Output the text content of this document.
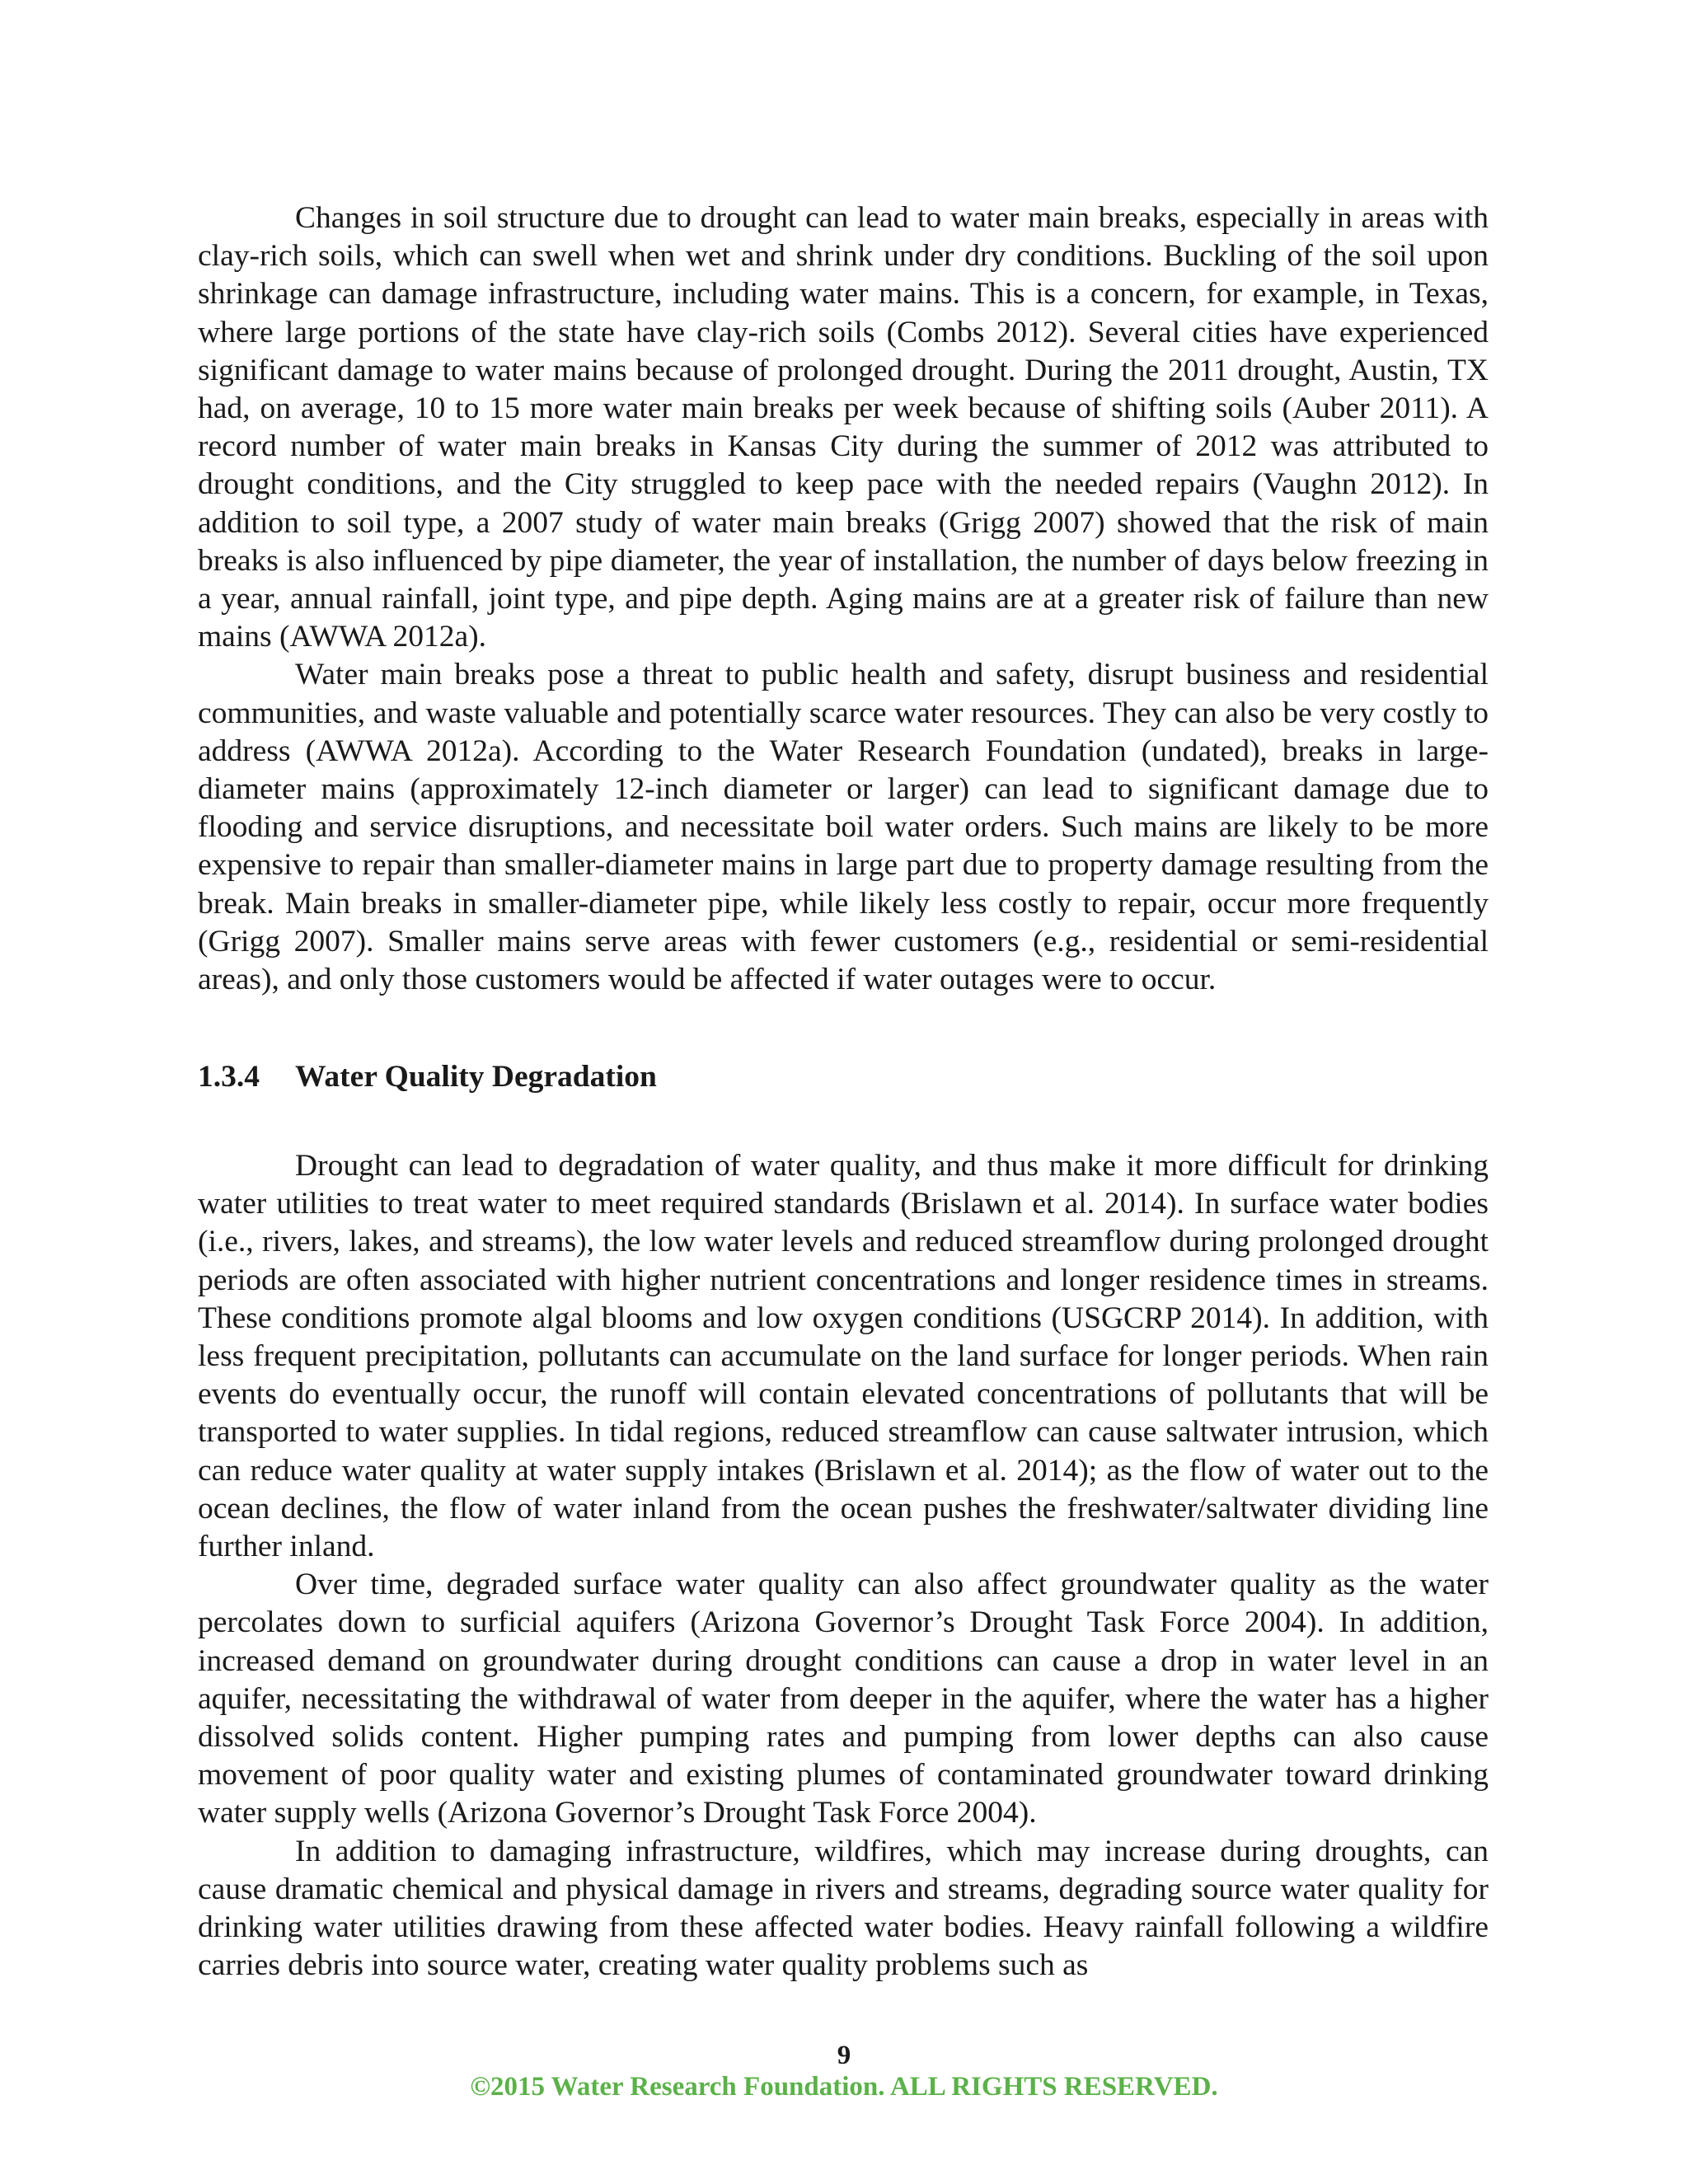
Changes in soil structure due to drought can lead to water main breaks, especially in areas with clay-rich soils, which can swell when wet and shrink under dry conditions. Buckling of the soil upon shrinkage can damage infrastructure, including water mains. This is a concern, for example, in Texas, where large portions of the state have clay-rich soils (Combs 2012). Several cities have experienced significant damage to water mains because of prolonged drought. During the 2011 drought, Austin, TX had, on average, 10 to 15 more water main breaks per week because of shifting soils (Auber 2011). A record number of water main breaks in Kansas City during the summer of 2012 was attributed to drought conditions, and the City struggled to keep pace with the needed repairs (Vaughn 2012). In addition to soil type, a 2007 study of water main breaks (Grigg 2007) showed that the risk of main breaks is also influenced by pipe diameter, the year of installation, the number of days below freezing in a year, annual rainfall, joint type, and pipe depth. Aging mains are at a greater risk of failure than new mains (AWWA 2012a).

Water main breaks pose a threat to public health and safety, disrupt business and residential communities, and waste valuable and potentially scarce water resources. They can also be very costly to address (AWWA 2012a). According to the Water Research Foundation (undated), breaks in large-diameter mains (approximately 12-inch diameter or larger) can lead to significant damage due to flooding and service disruptions, and necessitate boil water orders. Such mains are likely to be more expensive to repair than smaller-diameter mains in large part due to property damage resulting from the break. Main breaks in smaller-diameter pipe, while likely less costly to repair, occur more frequently (Grigg 2007). Smaller mains serve areas with fewer customers (e.g., residential or semi-residential areas), and only those customers would be affected if water outages were to occur.

1.3.4 Water Quality Degradation

Drought can lead to degradation of water quality, and thus make it more difficult for drinking water utilities to treat water to meet required standards (Brislawn et al. 2014). In surface water bodies (i.e., rivers, lakes, and streams), the low water levels and reduced streamflow during prolonged drought periods are often associated with higher nutrient concentrations and longer residence times in streams. These conditions promote algal blooms and low oxygen conditions (USGCRP 2014). In addition, with less frequent precipitation, pollutants can accumulate on the land surface for longer periods. When rain events do eventually occur, the runoff will contain elevated concentrations of pollutants that will be transported to water supplies. In tidal regions, reduced streamflow can cause saltwater intrusion, which can reduce water quality at water supply intakes (Brislawn et al. 2014); as the flow of water out to the ocean declines, the flow of water inland from the ocean pushes the freshwater/saltwater dividing line further inland.

Over time, degraded surface water quality can also affect groundwater quality as the water percolates down to surficial aquifers (Arizona Governor’s Drought Task Force 2004). In addition, increased demand on groundwater during drought conditions can cause a drop in water level in an aquifer, necessitating the withdrawal of water from deeper in the aquifer, where the water has a higher dissolved solids content. Higher pumping rates and pumping from lower depths can also cause movement of poor quality water and existing plumes of contaminated groundwater toward drinking water supply wells (Arizona Governor’s Drought Task Force 2004).

In addition to damaging infrastructure, wildfires, which may increase during droughts, can cause dramatic chemical and physical damage in rivers and streams, degrading source water quality for drinking water utilities drawing from these affected water bodies. Heavy rainfall following a wildfire carries debris into source water, creating water quality problems such as

9
©2015 Water Research Foundation. ALL RIGHTS RESERVED.
